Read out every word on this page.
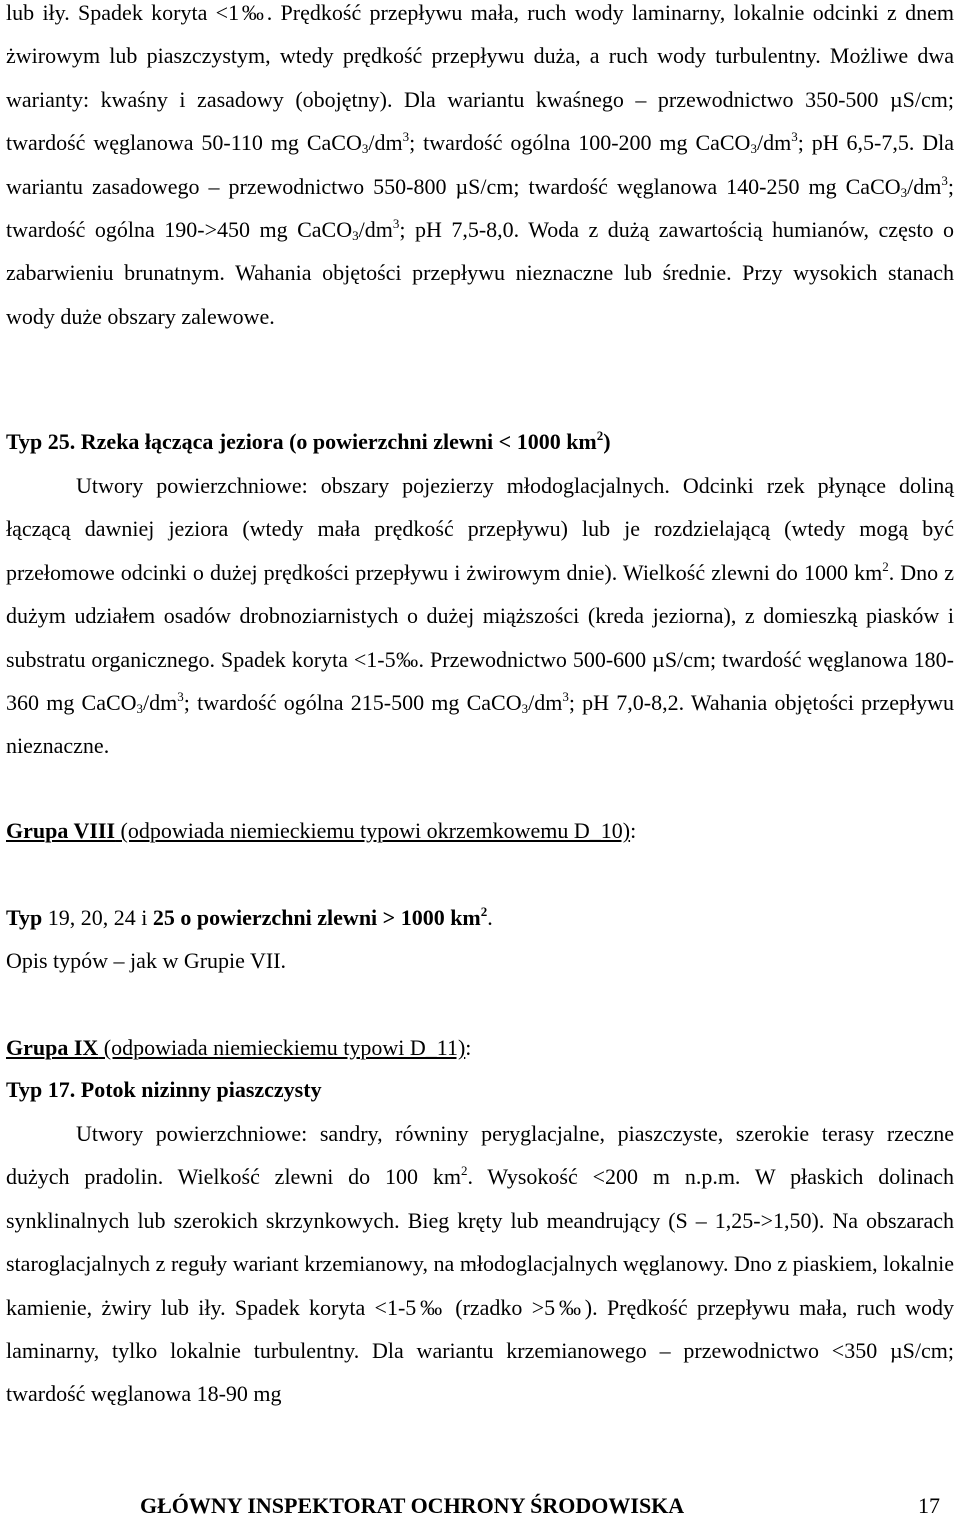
lub iły. Spadek koryta <1‰. Prędkość przepływu mała, ruch wody laminarny, lokalnie odcinki z dnem żwirowym lub piaszczystym, wtedy prędkość przepływu duża, a ruch wody turbulentny. Możliwe dwa warianty: kwaśny i zasadowy (obojętny). Dla wariantu kwaśnego – przewodnictwo 350-500 µS/cm; twardość węglanowa 50-110 mg $CaCO_3/dm^3$; twardość ogólna 100-200 mg $CaCO_3/dm^3$; pH 6,5-7,5. Dla wariantu zasadowego – przewodnictwo 550-800 µS/cm; twardość węglanowa 140-250 mg $CaCO_3/dm^3$; twardość ogólna 190->450 mg $CaCO_3/dm^3$; pH 7,5-8,0. Woda z dużą zawartością humianów, często o zabarwieniu brunatnym. Wahania objętości przepływu nieznaczne lub średnie. Przy wysokich stanach wody duże obszary zalewowe.

Typ 25. Rzeka łącząca jeziora (o powierzchni zlewni < 1000 $km^2$)

Utwory powierzchniowe: obszary pojezierzy młodoglacjalnych. Odcinki rzek płynące doliną łączącą dawniej jeziora (wtedy mała prędkość przepływu) lub je rozdzielającą (wtedy mogą być przełomowe odcinki o dużej prędkości przepływu i żwirowym dnie). Wielkość zlewni do 1000 $km^2$. Dno z dużym udziałem osadów drobnoziarnistych o dużej miąższości (kreda jeziorna), z domieszką piasków i substratu organicznego. Spadek koryta <1-5‰. Przewodnictwo 500-600 µS/cm; twardość węglanowa 180-360 mg $CaCO_3/dm^3$; twardość ogólna 215-500 mg $CaCO_3/dm^3$; pH 7,0-8,2. Wahania objętości przepływu nieznaczne.

Grupa VIII (odpowiada niemieckiemu typowi okrzemkowemu D_10):

Typ 19, 20, 24 i 25 o powierzchni zlewni > 1000 $km^2$.

Opis typów – jak w Grupie VII.

Grupa IX (odpowiada niemieckiemu typowi D_11):

Typ 17. Potok nizinny piaszczysty

Utwory powierzchniowe: sandry, równiny peryglacjalne, piaszczyste, szerokie terasy rzeczne dużych pradolin. Wielkość zlewni do 100 $km^2$. Wysokość <200 m n.p.m. W płaskich dolinach synklinalnych lub szerokich skrzynkowych. Bieg kręty lub meandrujący (S – 1,25->1,50). Na obszarach staroglacjalnych z reguły wariant krzemianowy, na młodoglacjalnych węglanowy. Dno z piaskiem, lokalnie kamienie, żwiry lub iły. Spadek koryta <1-5‰ (rzadko >5‰). Prędkość przepływu mała, ruch wody laminarny, tylko lokalnie turbulentny. Dla wariantu krzemianowego – przewodnictwo <350 µS/cm; twardość węglanowa 18-90 mg

GŁÓWNY INSPEKTORAT OCHRONY ŚRODOWISKA	17
